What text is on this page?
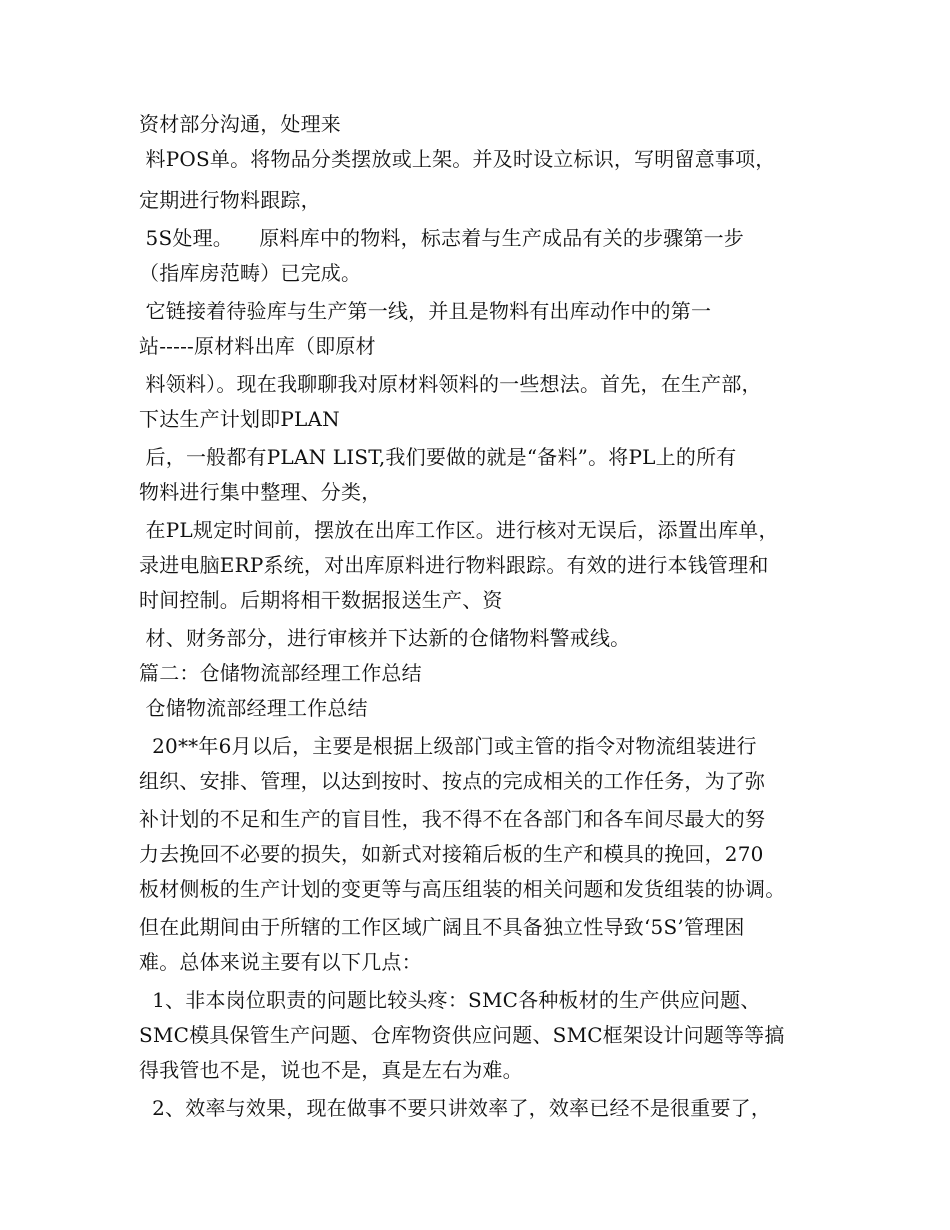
资材部分沟通，处理来
料POS单。将物品分类摆放或上架。并及时设立标识，写明留意事项，
定期进行物料跟踪，
5S处理。    原料库中的物料，标志着与生产成品有关的步骤第一步
（指库房范畴）已完成。
它链接着待验库与生产第一线，并且是物料有出库动作中的第一
站-----原材料出库（即原材
料领料）。现在我聊聊我对原材料领料的一些想法。首先，在生产部，
下达生产计划即PLAN
后，一般都有PLAN LIST,我们要做的就是“备料”。将PL上的所有
物料进行集中整理、分类，
在PL规定时间前，摆放在出库工作区。进行核对无误后，添置出库单，
录进电脑ERP系统，对出库原料进行物料跟踪。有效的进行本钱管理和
时间控制。后期将相干数据报送生产、资
材、财务部分，进行审核并下达新的仓储物料警戒线。
篇二：仓储物流部经理工作总结
仓储物流部经理工作总结
20**年6月以后，主要是根据上级部门或主管的指令对物流组装进行
组织、安排、管理，以达到按时、按点的完成相关的工作任务，为了弥
补计划的不足和生产的盲目性，我不得不在各部门和各车间尽最大的努
力去挽回不必要的损失，如新式对接箱后板的生产和模具的挽回，270
板材侧板的生产计划的变更等与高压组装的相关问题和发货组装的协调。
但在此期间由于所辖的工作区域广阔且不具备独立性导致‘5S’管理困
难。总体来说主要有以下几点：
1、非本岗位职责的问题比较头疼：SMC各种板材的生产供应问题、
SMC模具保管生产问题、仓库物资供应问题、SMC框架设计问题等等搞
得我管也不是，说也不是，真是左右为难。
2、效率与效果，现在做事不要只讲效率了，效率已经不是很重要了，
